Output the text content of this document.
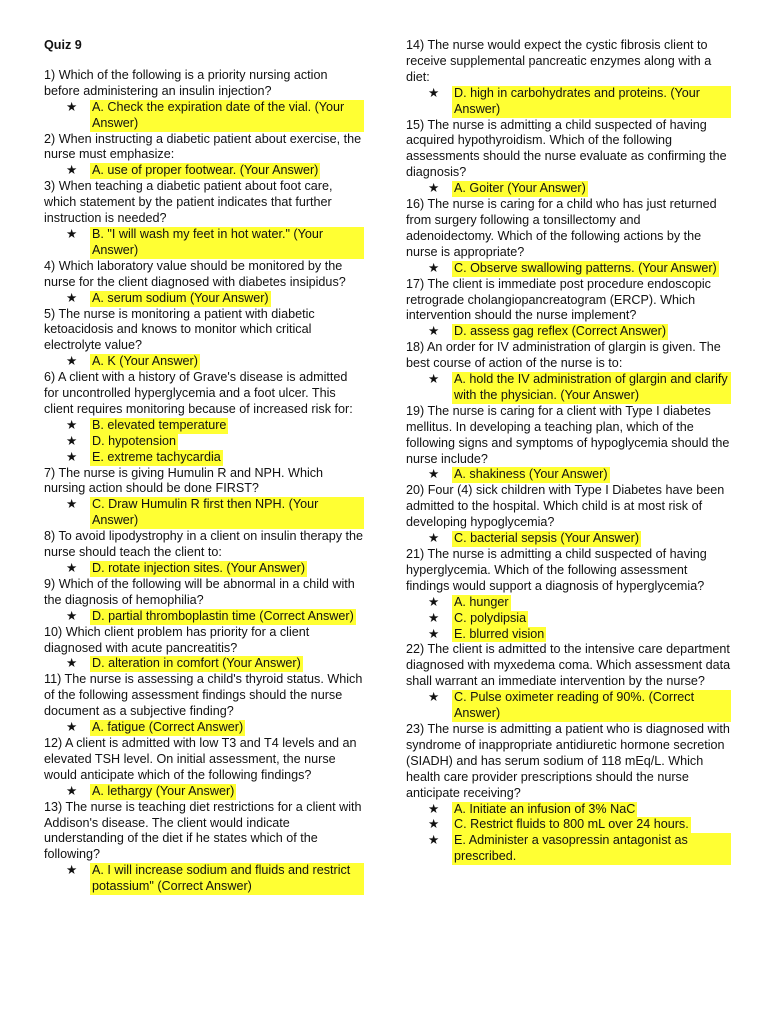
Quiz 9
1) Which of the following is a priority nursing action before administering an insulin injection?
★	A. Check the expiration date of the vial. (Your Answer)
2) When instructing a diabetic patient about exercise, the nurse must emphasize:
★	A. use of proper footwear. (Your Answer)
3) When teaching a diabetic patient about foot care, which statement by the patient indicates that further instruction is needed?
★	B. "I will wash my feet in hot water." (Your Answer)
4) Which laboratory value should be monitored by the nurse for the client diagnosed with diabetes insipidus?
★	A. serum sodium (Your Answer)
5) The nurse is monitoring a patient with diabetic ketoacidosis and knows to monitor which critical electrolyte value?
★	A. K (Your Answer)
6) A client with a history of Grave's disease is admitted for uncontrolled hyperglycemia and a foot ulcer. This client requires monitoring because of increased risk for:
★	B. elevated temperature
★	D. hypotension
★	E. extreme tachycardia
7) The nurse is giving Humulin R and NPH. Which nursing action should be done FIRST?
★	C. Draw Humulin R first then NPH. (Your Answer)
8) To avoid lipodystrophy in a client on insulin therapy the nurse should teach the client to:
★	D. rotate injection sites. (Your Answer)
9) Which of the following will be abnormal in a child with the diagnosis of hemophilia?
★	D. partial thromboplastin time (Correct Answer)
10) Which client problem has priority for a client diagnosed with acute pancreatitis?
★	D. alteration in comfort (Your Answer)
11) The nurse is assessing a child's thyroid status. Which of the following assessment findings should the nurse document as a subjective finding?
★	A. fatigue (Correct Answer)
12) A client is admitted with low T3 and T4 levels and an elevated TSH level. On initial assessment, the nurse would anticipate which of the following findings?
★	A. lethargy (Your Answer)
13) The nurse is teaching diet restrictions for a client with Addison's disease. The client would indicate understanding of the diet if he states which of the following?
★	A. I will increase sodium and fluids and restrict potassium" (Correct Answer)
14) The nurse would expect the cystic fibrosis client to receive supplemental pancreatic enzymes along with a diet:
★	D. high in carbohydrates and proteins. (Your Answer)
15) The nurse is admitting a child suspected of having acquired hypothyroidism. Which of the following assessments should the nurse evaluate as confirming the diagnosis?
★	A. Goiter (Your Answer)
16) The nurse is caring for a child who has just returned from surgery following a tonsillectomy and adenoidectomy. Which of the following actions by the nurse is appropriate?
★	C. Observe swallowing patterns. (Your Answer)
17) The client is immediate post procedure endoscopic retrograde cholangiopancreatogram (ERCP). Which intervention should the nurse implement?
★	D. assess gag reflex (Correct Answer)
18) An order for IV administration of glargin is given. The best course of action of the nurse is to:
★	A. hold the IV administration of glargin and clarify with the physician. (Your Answer)
19) The nurse is caring for a client with Type I diabetes mellitus. In developing a teaching plan, which of the following signs and symptoms of hypoglycemia should the nurse include?
★	A. shakiness (Your Answer)
20) Four (4) sick children with Type I Diabetes have been admitted to the hospital. Which child is at most risk of developing hypoglycemia?
★	C. bacterial sepsis (Your Answer)
21) The nurse is admitting a child suspected of having hyperglycemia. Which of the following assessment findings would support a diagnosis of hyperglycemia?
★	A. hunger
★	C. polydipsia
★	E. blurred vision
22) The client is admitted to the intensive care department diagnosed with myxedema coma. Which assessment data shall warrant an immediate intervention by the nurse?
★	C. Pulse oximeter reading of 90%. (Correct Answer)
23) The nurse is admitting a patient who is diagnosed with syndrome of inappropriate antidiuretic hormone secretion (SIADH) and has serum sodium of 118 mEq/L. Which health care provider prescriptions should the nurse anticipate receiving?
★	A. Initiate an infusion of 3% NaC
★	C. Restrict fluids to 800 mL over 24 hours.
★	E. Administer a vasopressin antagonist as prescribed.
